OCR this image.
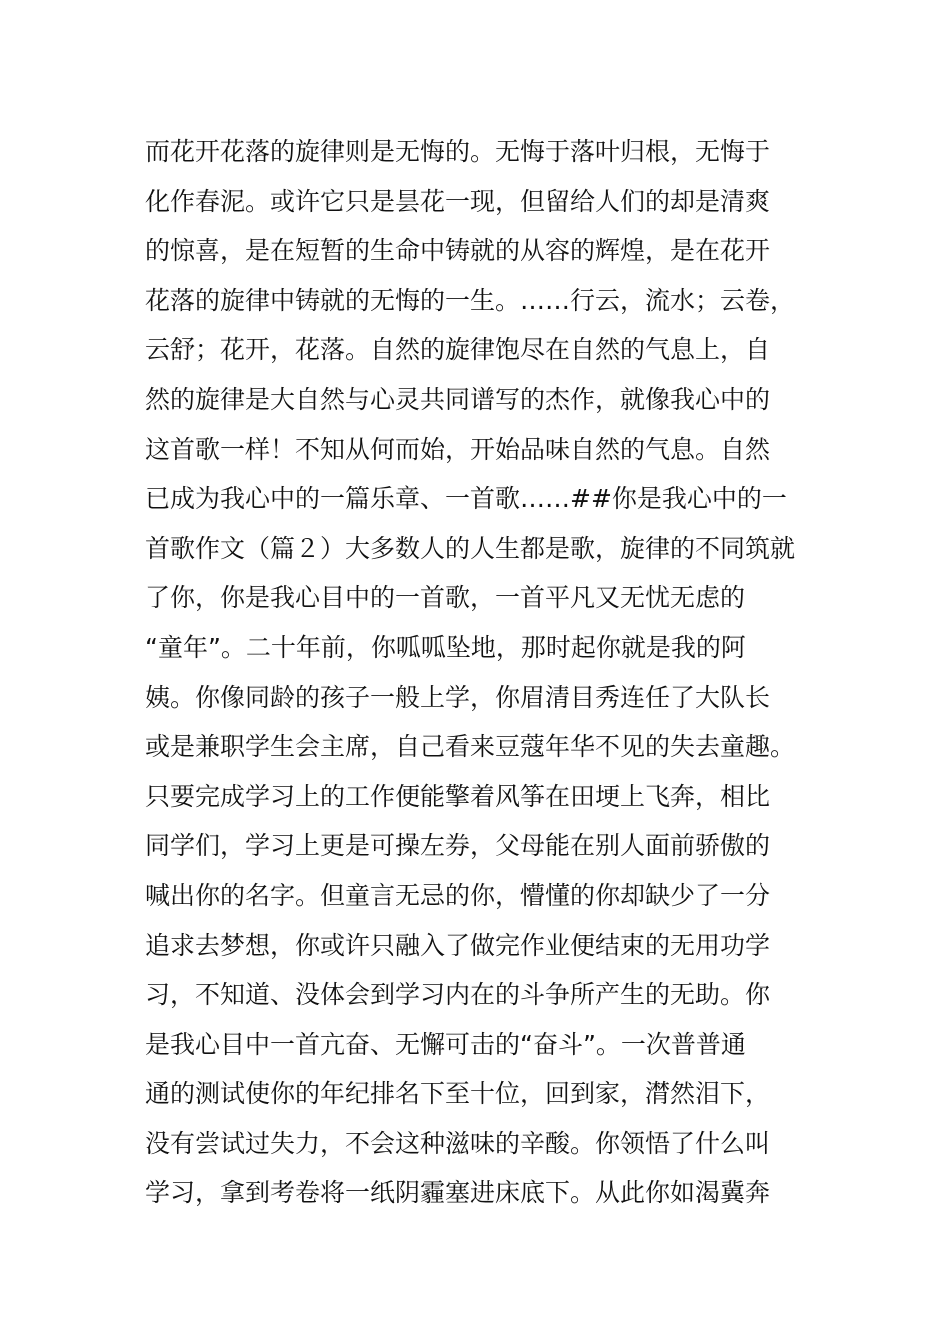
而花开花落的旋律则是无悔的。无悔于落叶归根，无悔于
化作春泥。或许它只是昙花一现，但留给人们的却是清爽
的惊喜，是在短暂的生命中铸就的从容的辉煌，是在花开
花落的旋律中铸就的无悔的一生。……行云，流水；云卷，
云舒；花开，花落。自然的旋律饱尽在自然的气息上，自
然的旋律是大自然与心灵共同谱写的杰作，就像我心中的
这首歌一样！不知从何而始，开始品味自然的气息。自然
已成为我心中的一篇乐章、一首歌……##你是我心中的一
首歌作文（篇２）大多数人的人生都是歌，旋律的不同筑就
了你，你是我心目中的一首歌，一首平凡又无忧无虑的
“童年”。二十年前，你呱呱坠地，那时起你就是我的阿
姨。你像同龄的孩子一般上学，你眉清目秀连任了大队长
或是兼职学生会主席，自己看来豆蔻年华不见的失去童趣。
只要完成学习上的工作便能擎着风筝在田埂上飞奔，相比
同学们，学习上更是可操左券，父母能在别人面前骄傲的
喊出你的名字。但童言无忌的你，懵懂的你却缺少了一分
追求去梦想，你或许只融入了做完作业便结束的无用功学
习，不知道、没体会到学习内在的斗争所产生的无助。你
是我心目中一首亢奋、无懈可击的“奋斗”。一次普普通
通的测试使你的年纪排名下至十位，回到家，潸然泪下，
没有尝试过失力，不会这种滋味的辛酸。你领悟了什么叫
学习，拿到考卷将一纸阴霾塞进床底下。从此你如渴冀奔
